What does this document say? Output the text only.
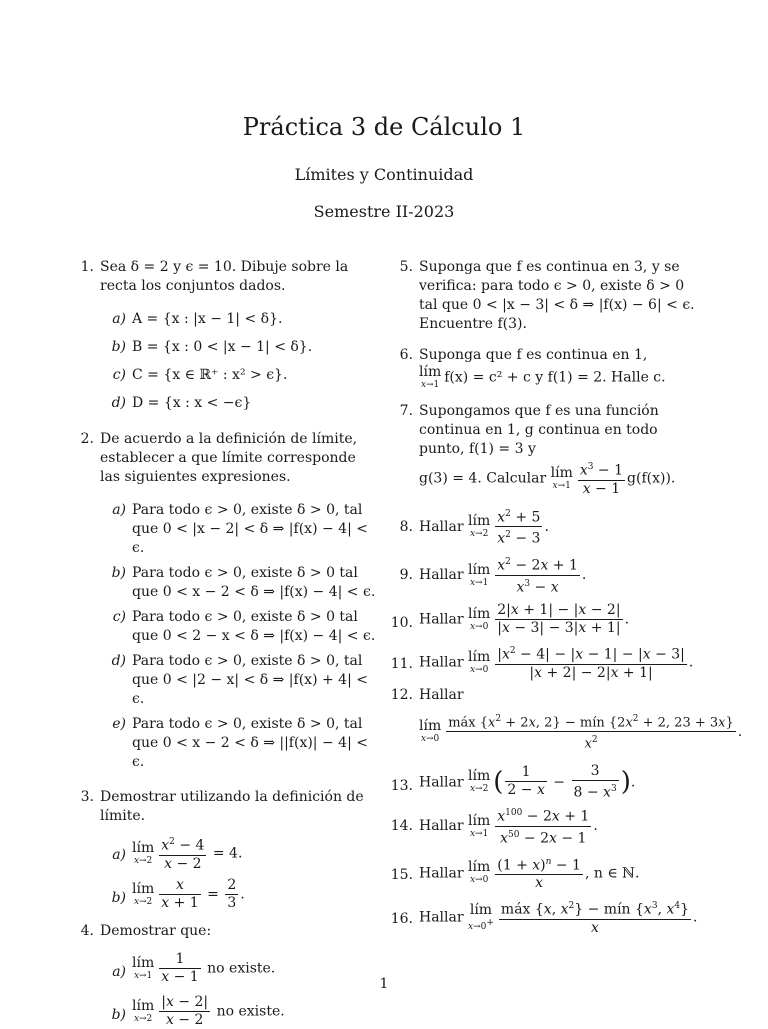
Práctica 3 de Cálculo 1
Límites y Continuidad
Semestre II-2023
1. Sea δ = 2 y ϵ = 10. Dibuje sobre la recta los conjuntos dados.
a) A = {x : |x − 1| < δ}.
b) B = {x : 0 < |x − 1| < δ}.
c) C = {x ∈ ℝ⁺ : x² > ϵ}.
d) D = {x : x < −ϵ}
2. De acuerdo a la definición de límite, establecer a que límite corresponde las siguientes expresiones.
a) Para todo ϵ > 0, existe δ > 0, tal que 0 < |x − 2| < δ ⇒ |f(x) − 4| < ϵ.
b) Para todo ϵ > 0, existe δ > 0 tal que 0 < x − 2 < δ ⇒ |f(x) − 4| < ϵ.
c) Para todo ϵ > 0, existe δ > 0 tal que 0 < 2 − x < δ ⇒ |f(x) − 4| < ϵ.
d) Para todo ϵ > 0, existe δ > 0, tal que 0 < |2 − x| < δ ⇒ |f(x) + 4| < ϵ.
e) Para todo ϵ > 0, existe δ > 0, tal que 0 < x − 2 < δ ⇒ ||f(x)| − 4| < ϵ.
3. Demostrar utilizando la definición de límite.
a) lím
$x\to 2 \frac{x^2 - 4}{x - 2} = 4$.
b)
lím
$x\to 2 \frac{x}{x + 1} = \frac{2}{3}$ .
4. Demostrar que:
a)
lím
$x\to 1 \frac{1}{x - 1}$ no existe.
b)
lím
$x\to 2 \frac{|x - 2|}{x - 2}$ no existe.
5. Suponga que f es continua en 3, y se verifica: para todo ϵ > 0, existe δ > 0 tal que 0 < |x − 3| < δ ⇒ |f(x) − 6| < ϵ. Encuentre f(3).
6. Suponga que f es continua en 1,
lím
x→1 f(x) = c² + c y f(1) = 2. Halle c.
7. Supongamos que f es una función continua en 1, g continua en todo punto, f(1) = 3 y
g(3) = 4. Calcular lím
$x\to 1 \frac{x^3 - 1}{x - 1} g(f(x))$.
8. Hallar lím
$x\to 2 \frac{x^2 + 5}{x^2 - 3}$ .
9. Hallar lím
$x\to 1 \frac{x^2 - 2x + 1}{x^3 - x}$ .
10. Hallar lím
$x\to 0 \frac{2|x + 1| - |x - 2|}{|x - 3| - 3|x + 1|}$ .
11. Hallar lím
$x\to 0 \frac{|x^2 - 4| - |x - 1| - |x - 3|}{|x + 2| - 2|x + 1|}$ .
12. Hallar
lím
x→0
máx {$x^2 + 2x$, 2} − mín {$2x^2 + 2$, 23 + 3x}
$x^2$
.
13. Hallar lím
x→2 ( $\frac{1}{2 - x} - \frac{3}{8 - x^3}$ ).
14. Hallar lím
$x\to 1 \frac{x^{100} - 2x + 1}{x^{50} - 2x - 1}$ .
15. Hallar lím
$x\to 0 \frac{(1 + x)^n - 1}{x}$ , n ∈ ℕ.
16. Hallar lím
x→0+
máx {x, $x^2$} − mín {$x^3$, $x^4$}
x
.
1
